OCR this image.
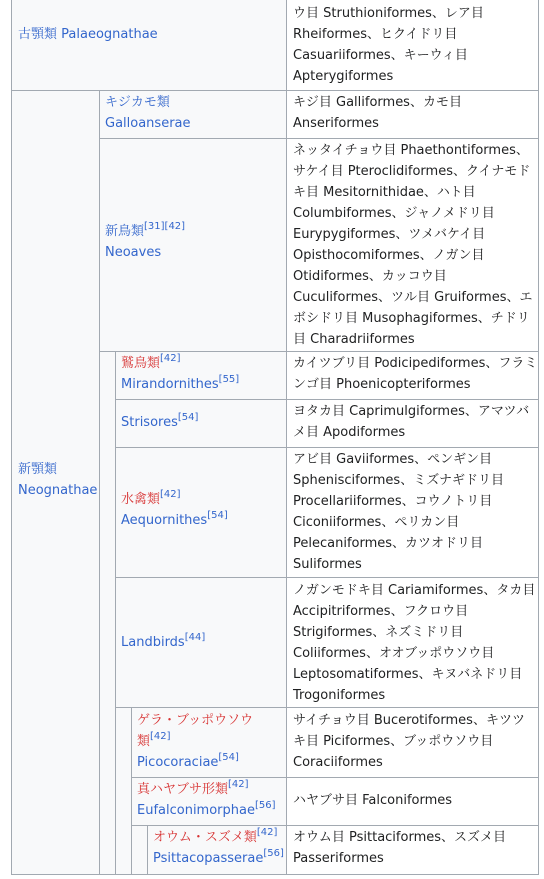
古顎類 Palaeognathae
ウ目 Struthioniformes、レア目
Rheiformes、ヒクイドリ目
Casuariiformes、キーウィ目
Apterygiformes
新顎類
Neognathae
キジカモ類
Galloanserae
キジ目 Galliformes、カモ目
Anseriformes
新鳥類[31][42]
Neoaves
ネッタイチョウ目 Phaethontiformes、
サケイ目 Pteroclidiformes、クイナモド
キ目 Mesitornithidae、ハト目
Columbiformes、ジャノメドリ目
Eurypygiformes、ツメバケイ目
Opisthocomiformes、ノガン目
Otidiformes、カッコウ目
Cuculiformes、ツル目 Gruiformes、エ
ボシドリ目 Musophagiformes、チドリ
目 Charadriiformes
鷲鳥類[42]
Mirandornithes[55]
カイツブリ目 Podicipediformes、フラミ
ンゴ目 Phoenicopteriformes
Strisores[54]	ヨタカ目 Caprimulgiformes、アマツバ
メ目 Apodiformes
水禽類[42]
Aequornithes[54]
アビ目 Gaviiformes、ペンギン目
Sphenisciformes、ミズナギドリ目
Procellariiformes、コウノトリ目
Ciconiiformes、ペリカン目
Pelecaniformes、カツオドリ目
Suliformes
Landbirds[44]
ノガンモドキ目 Cariamiformes、タカ目
Accipitriformes、フクロウ目
Strigiformes、ネズミドリ目
Coliiformes、オオブッポウソウ目
Leptosomatiformes、キヌバネドリ目
Trogoniformes
ゲラ・ブッポウソウ
類[42]
Picocoraciae[54]
サイチョウ目 Bucerotiformes、キツツ
キ目 Piciformes、ブッポウソウ目
Coraciiformes
真ハヤブサ形類[42]
Eufalconimorphae[56] ハヤブサ目 Falconiformes
オウム・スズメ類[42]
Psittacopasserae[56]
オウム目 Psittaciformes、スズメ目
Passeriformes
